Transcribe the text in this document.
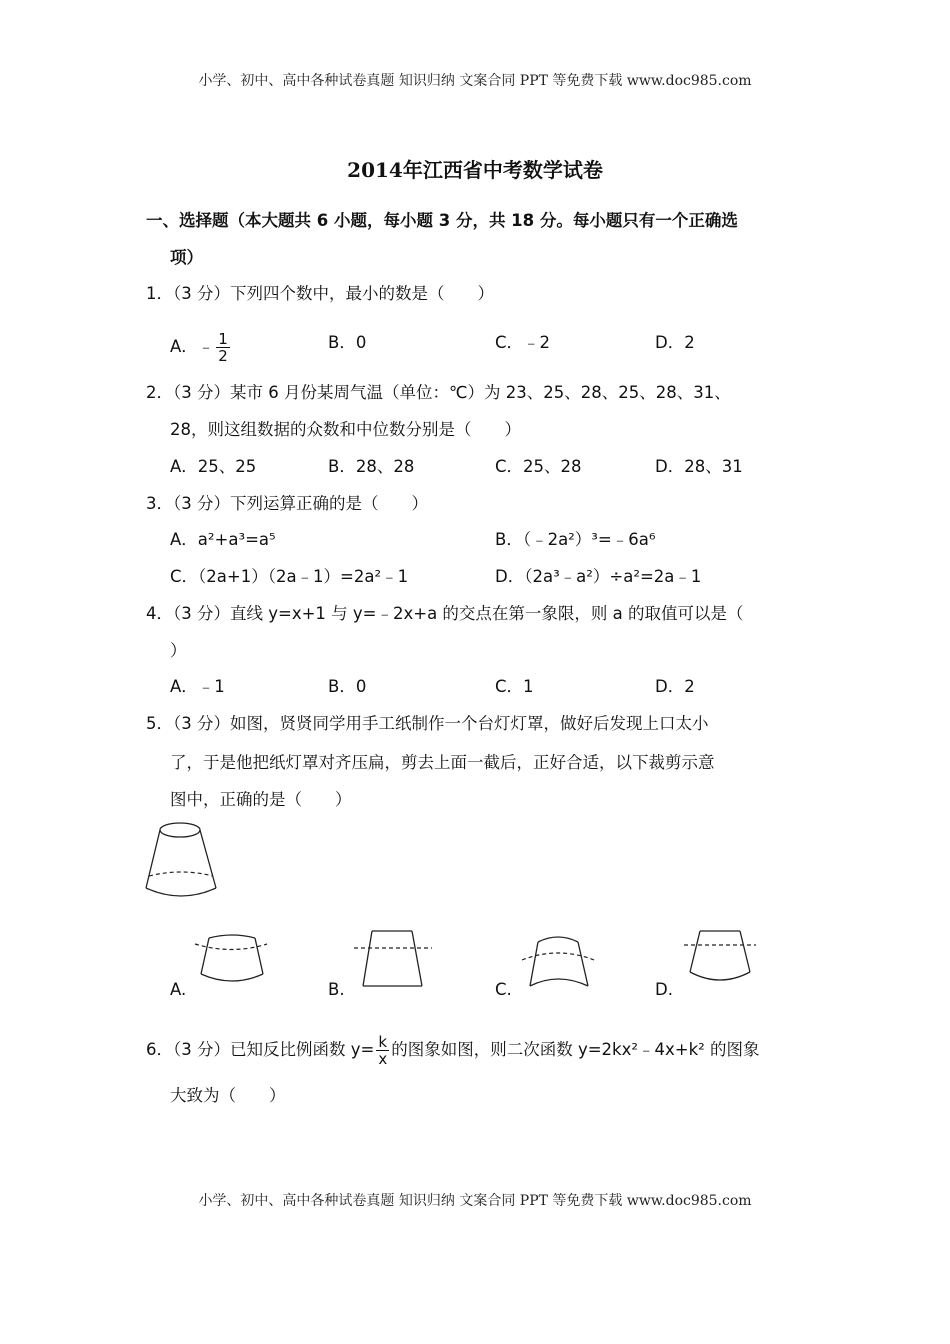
小学、初中、高中各种试卷真题 知识归纳 文案合同 PPT 等免费下载 www.doc985.com
2014年江西省中考数学试卷
一、选择题（本大题共 6 小题，每小题 3 分，共 18 分。每小题只有一个正确选
项）
1．（3 分）下列四个数中，最小的数是（　　）
A．﹣ $\frac{1}{2}$	B．0	C．﹣2	D．2
2．（3 分）某市 6 月份某周气温（单位：℃）为 23、25、28、25、28、31、
28，则这组数据的众数和中位数分别是（　　）
A．25、25	B．28、28	C．25、28	D．28、31
3．（3 分）下列运算正确的是（　　）
A．a²+a³=a⁵	B．（﹣2a²）³=﹣6a⁶
C．（2a+1）（2a﹣1）=2a²﹣1	D．（2a³﹣a²）÷a²=2a﹣1
4．（3 分）直线 y=x+1 与 y=﹣2x+a 的交点在第一象限，则 a 的取值可以是（
）
A．﹣1	B．0	C．1	D．2
5．（3 分）如图，贤贤同学用手工纸制作一个台灯灯罩，做好后发现上口太小
了，于是他把纸灯罩对齐压扁，剪去上面一截后，正好合适，以下裁剪示意
图中，正确的是（　　）
A.	B.	C.	D.
6．（3 分）已知反比例函数 $y= \frac{k}{x}$ 的图象如图，则二次函数 y=2kx²﹣4x+k² 的图象
大致为（　　）
小学、初中、高中各种试卷真题 知识归纳 文案合同 PPT 等免费下载 www.doc985.com
